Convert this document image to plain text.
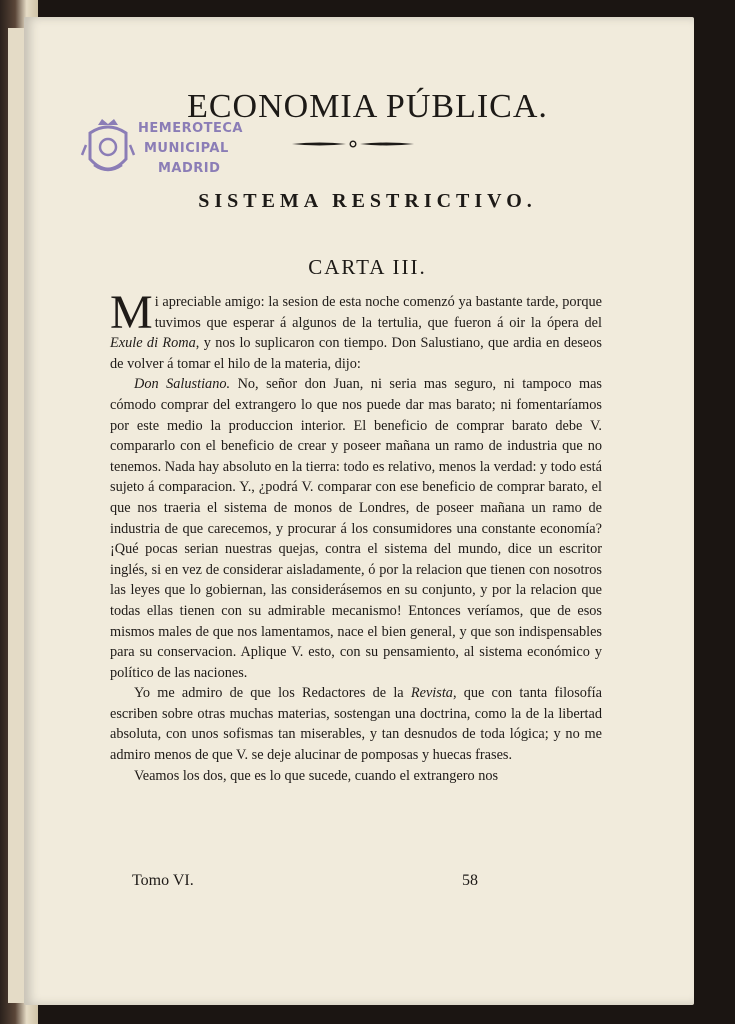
HEMEROTECA
MUNICIPAL
MADRID
ECONOMIA PÚBLICA.
SISTEMA RESTRICTIVO.
CARTA III.

Mi apreciable amigo: la sesion de esta noche comenzó ya bastante tarde, porque tuvimos que esperar á algunos de la tertulia, que fueron á oir la ópera del Exule di Roma, y nos lo suplicaron con tiempo. Don Salustiano, que ardia en deseos de volver á tomar el hilo de la materia, dijo:

Don Salustiano. No, señor don Juan, ni seria mas seguro, ni tampoco mas cómodo comprar del extrangero lo que nos puede dar mas barato; ni fomentaríamos por este medio la produccion interior. El beneficio de comprar barato debe V. compararlo con el beneficio de crear y poseer mañana un ramo de industria que no tenemos. Nada hay absoluto en la tierra: todo es relativo, menos la verdad: y todo está sujeto á comparacion. Y., ¿podrá V. comparar con ese beneficio de comprar barato, el que nos traeria el sistema de monos de Londres, de poseer mañana un ramo de industria de que carecemos, y procurar á los consumidores una constante economía? ¡Qué pocas serian nuestras quejas, contra el sistema del mundo, dice un escritor inglés, si en vez de considerar aisladamente, ó por la relacion que tienen con nosotros las leyes que lo gobiernan, las considerásemos en su conjunto, y por la relacion que todas ellas tienen con su admirable mecanismo! Entonces veríamos, que de esos mismos males de que nos lamentamos, nace el bien general, y que son indispensables para su conservacion. Aplique V. esto, con su pensamiento, al sistema económico y político de las naciones.

Yo me admiro de que los Redactores de la Revista, que con tanta filosofía escriben sobre otras muchas materias, sostengan una doctrina, como la de la libertad absoluta, con unos sofismas tan miserables, y tan desnudos de toda lógica; y no me admiro menos de que V. se deje alucinar de pomposas y huecas frases.

Veamos los dos, que es lo que sucede, cuando el extrangero nos

Tomo VI.	58
